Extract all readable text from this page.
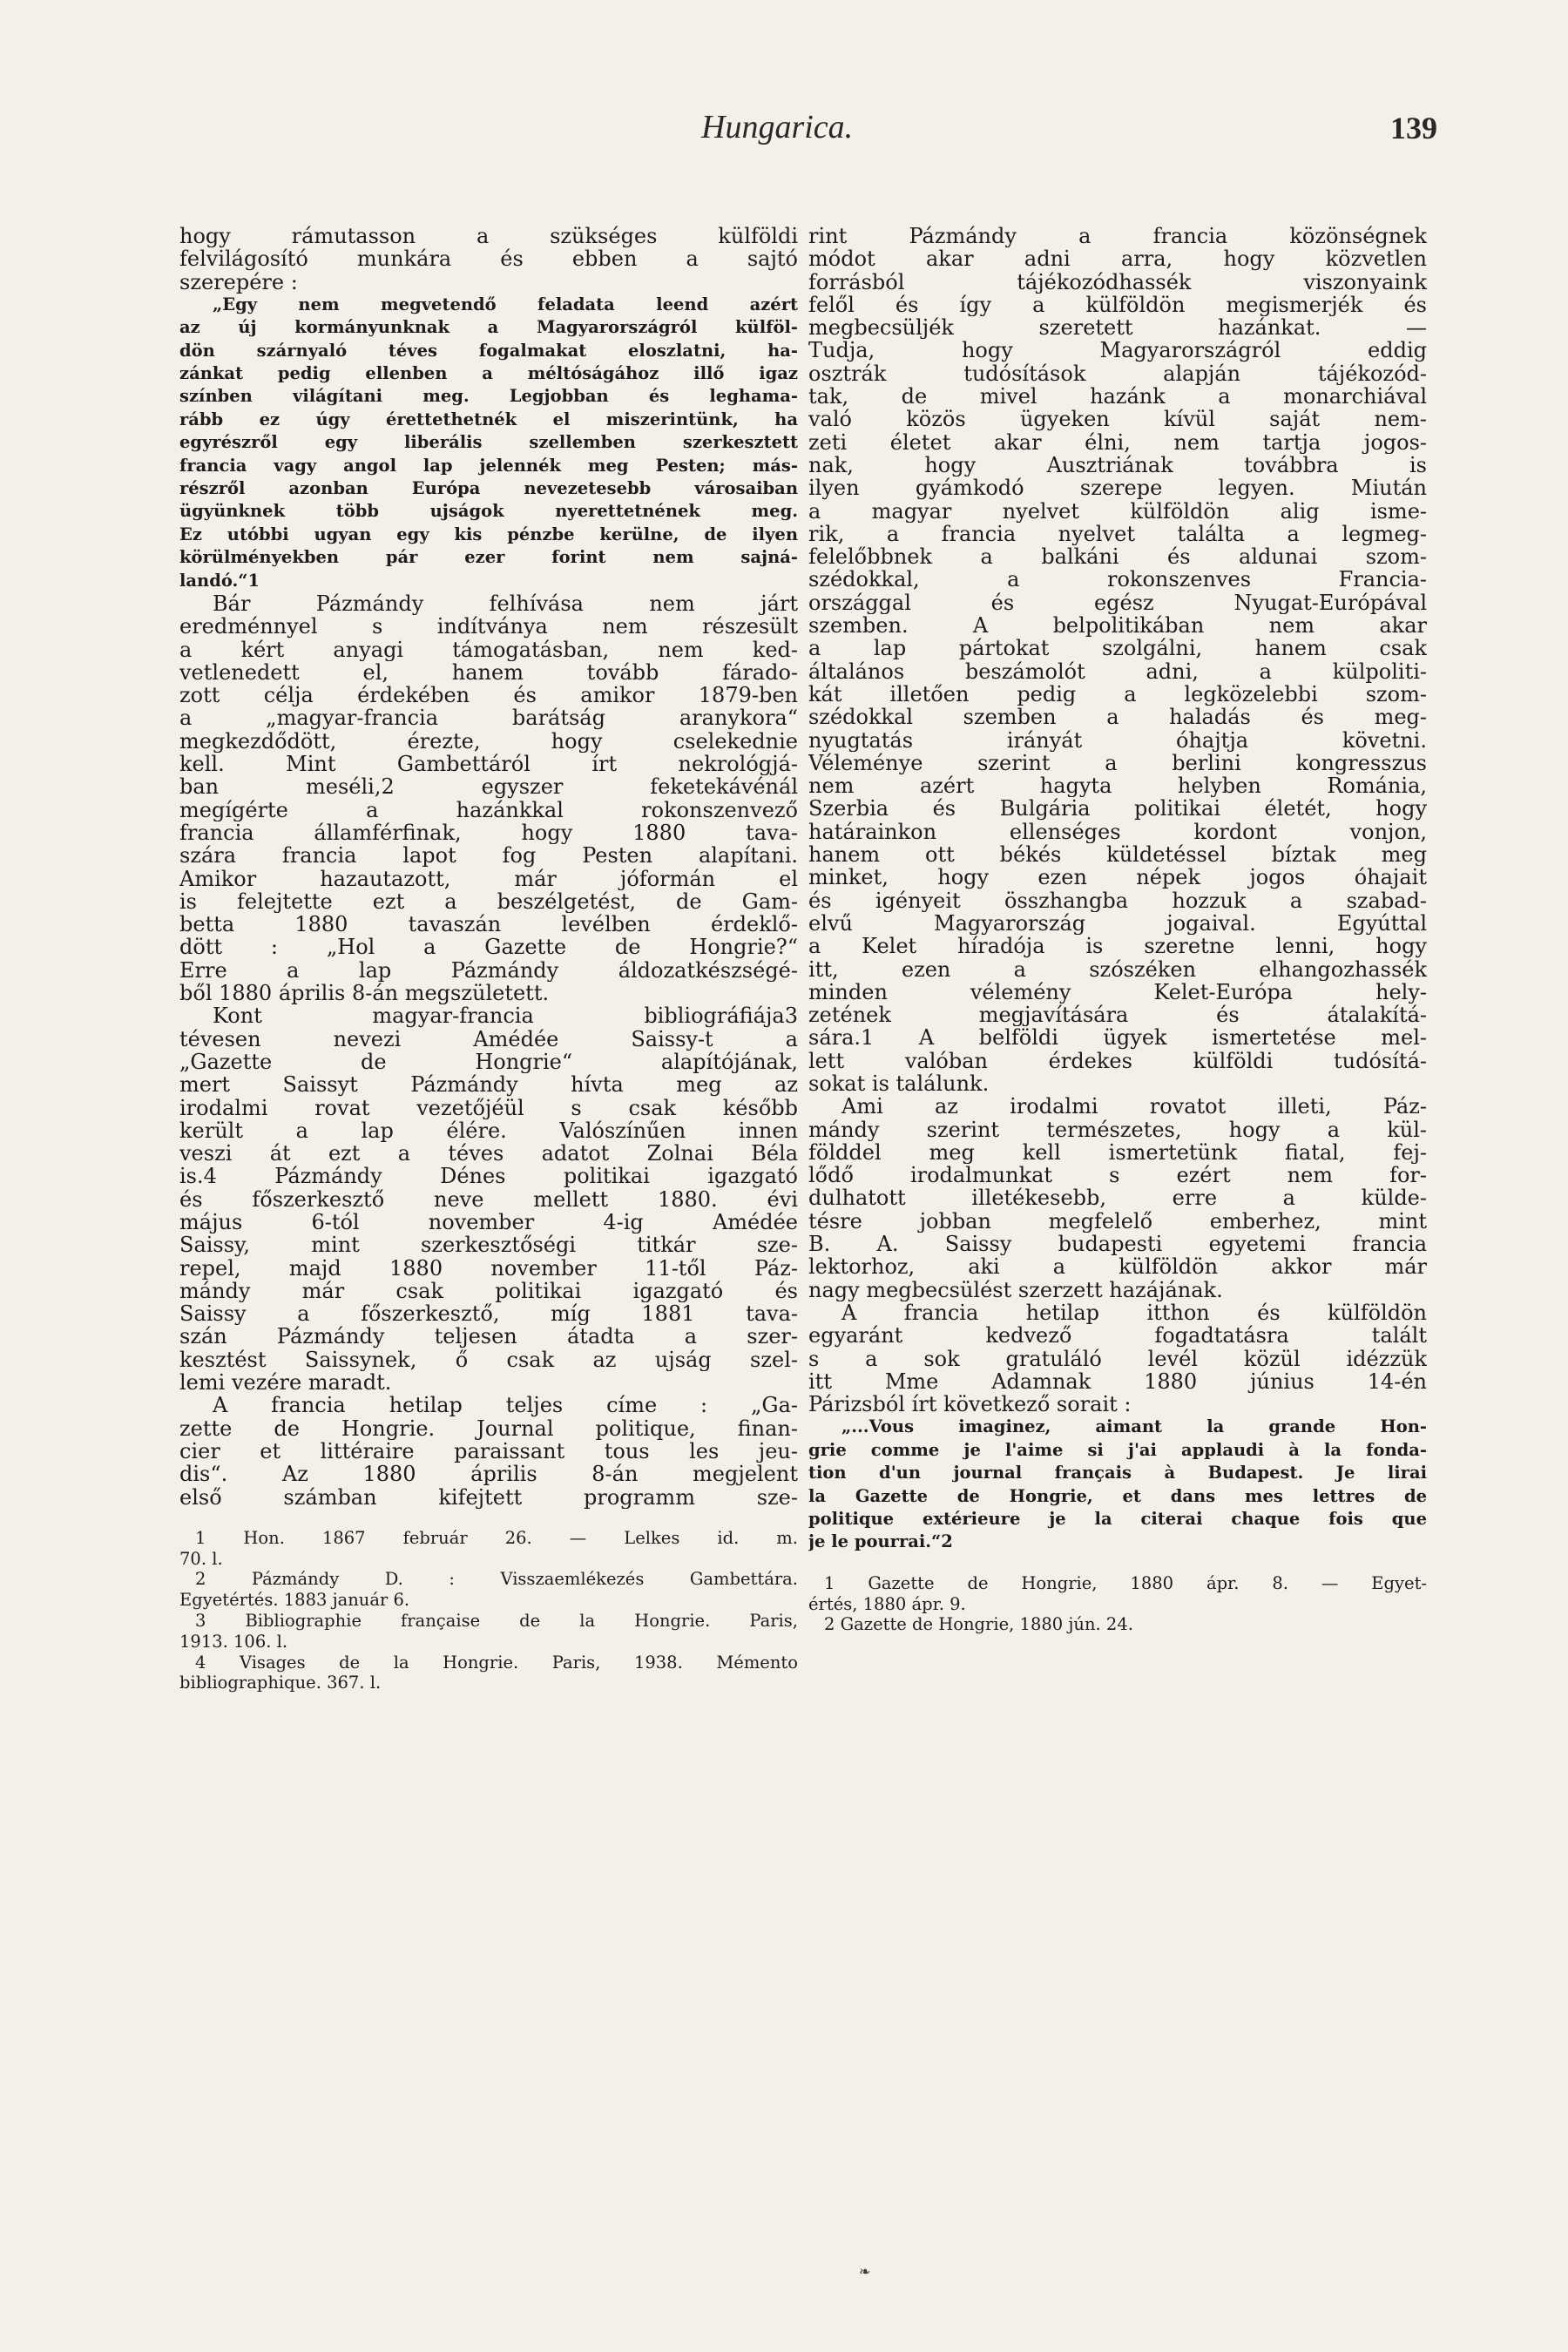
Hungarica.	139
hogy rámutasson a szükséges külföldi
felvilágosító munkára és ebben a sajtó
szerepére :
„Egy nem megvetendő feladata leend azért
az új kormányunknak a Magyarországról külföl-
dön szárnyaló téves fogalmakat eloszlatni, ha-
zánkat pedig ellenben a méltóságához illő igaz
színben világítani meg. Legjobban és leghama-
rább ez úgy érettethetnék el miszerintünk, ha
egyrészről egy liberális szellemben szerkesztett
francia vagy angol lap jelennék meg Pesten; más-
részről azonban Európa nevezetesebb városaiban
ügyünknek több ujságok nyerettetnének meg.
Ez utóbbi ugyan egy kis pénzbe kerülne, de ilyen
körülményekben pár ezer forint nem sajná-
landó.“1
Bár Pázmándy felhívása nem járt
eredménnyel s indítványa nem részesült
a kért anyagi támogatásban, nem ked-
vetlenedett el, hanem tovább fárado-
zott célja érdekében és amikor 1879-ben
a „magyar-francia barátság aranykora“
megkezdődött, érezte, hogy cselekednie
kell. Mint Gambettáról írt nekrológjá-
ban meséli,2 egyszer feketekávénál
megígérte a hazánkkal rokonszenvező
francia államférfinak, hogy 1880 tava-
szára francia lapot fog Pesten alapítani.
Amikor hazautazott, már jóformán el
is felejtette ezt a beszélgetést, de Gam-
betta 1880 tavaszán levélben érdeklő-
dött : „Hol a Gazette de Hongrie?“
Erre a lap Pázmándy áldozatkészségé-
ből 1880 április 8-án megszületett.
Kont magyar-francia bibliográfiája3
tévesen nevezi Amédée Saissy-t a
„Gazette de Hongrie“ alapítójának,
mert Saissyt Pázmándy hívta meg az
irodalmi rovat vezetőjéül s csak később
került a lap élére. Valószínűen innen
veszi át ezt a téves adatot Zolnai Béla
is.4 Pázmándy Dénes politikai igazgató
és főszerkesztő neve mellett 1880. évi
május 6-tól november 4-ig Amédée
Saissy, mint szerkesztőségi titkár sze-
repel, majd 1880 november 11-től Páz-
mándy már csak politikai igazgató és
Saissy a főszerkesztő, míg 1881 tava-
szán Pázmándy teljesen átadta a szer-
kesztést Saissynek, ő csak az ujság szel-
lemi vezére maradt.
A francia hetilap teljes címe : „Ga-
zette de Hongrie. Journal politique, finan-
cier et littéraire paraissant tous les jeu-
dis“. Az 1880 április 8-án megjelent
első számban kifejtett programm sze-
1 Hon. 1867 február 26. — Lelkes id. m.
70. l.
2 Pázmándy D. : Visszaemlékezés Gambettára.
Egyetértés. 1883 január 6.
3 Bibliographie française de la Hongrie. Paris,
1913. 106. l.
4 Visages de la Hongrie. Paris, 1938. Mémento
bibliographique. 367. l.
rint Pázmándy a francia közönségnek
módot akar adni arra, hogy közvetlen
forrásból tájékozódhassék viszonyaink
felől és így a külföldön megismerjék és
megbecsüljék szeretett hazánkat. —
Tudja, hogy Magyarországról eddig
osztrák tudósítások alapján tájékozód-
tak, de mivel hazánk a monarchiával
való közös ügyeken kívül saját nem-
zeti életet akar élni, nem tartja jogos-
nak, hogy Ausztriának továbbra is
ilyen gyámkodó szerepe legyen. Miután
a magyar nyelvet külföldön alig isme-
rik, a francia nyelvet találta a legmeg-
felelőbbnek a balkáni és aldunai szom-
szédokkal, a rokonszenves Francia-
országgal és egész Nyugat-Európával
szemben. A belpolitikában nem akar
a lap pártokat szolgálni, hanem csak
általános beszámolót adni, a külpoliti-
kát illetően pedig a legközelebbi szom-
szédokkal szemben a haladás és meg-
nyugtatás irányát óhajtja követni.
Véleménye szerint a berlini kongresszus
nem azért hagyta helyben Románia,
Szerbia és Bulgária politikai életét, hogy
határainkon ellenséges kordont vonjon,
hanem ott békés küldetéssel bíztak meg
minket, hogy ezen népek jogos óhajait
és igényeit összhangba hozzuk a szabad-
elvű Magyarország jogaival. Egyúttal
a Kelet híradója is szeretne lenni, hogy
itt, ezen a szószéken elhangozhassék
minden vélemény Kelet-Európa hely-
zetének megjavítására és átalakítá-
sára.1 A belföldi ügyek ismertetése mel-
lett valóban érdekes külföldi tudósítá-
sokat is találunk.
Ami az irodalmi rovatot illeti, Páz-
mándy szerint természetes, hogy a kül-
földdel meg kell ismertetünk fiatal, fej-
lődő irodalmunkat s ezért nem for-
dulhatott illetékesebb, erre a külde-
tésre jobban megfelelő emberhez, mint
B. A. Saissy budapesti egyetemi francia
lektorhoz, aki a külföldön akkor már
nagy megbecsülést szerzett hazájának.
A francia hetilap itthon és külföldön
egyaránt kedvező fogadtatásra talált
s a sok gratuláló levél közül idézzük
itt Mme Adamnak 1880 június 14-én
Párizsból írt következő sorait :
„...Vous imaginez, aimant la grande Hon-
grie comme je l'aime si j'ai applaudi à la fonda-
tion d'un journal français à Budapest. Je lirai
la Gazette de Hongrie, et dans mes lettres de
politique extérieure je la citerai chaque fois que
je le pourrai.“2
1 Gazette de Hongrie, 1880 ápr. 8. — Egyet-
értés, 1880 ápr. 9.
2 Gazette de Hongrie, 1880 jún. 24.
❧
